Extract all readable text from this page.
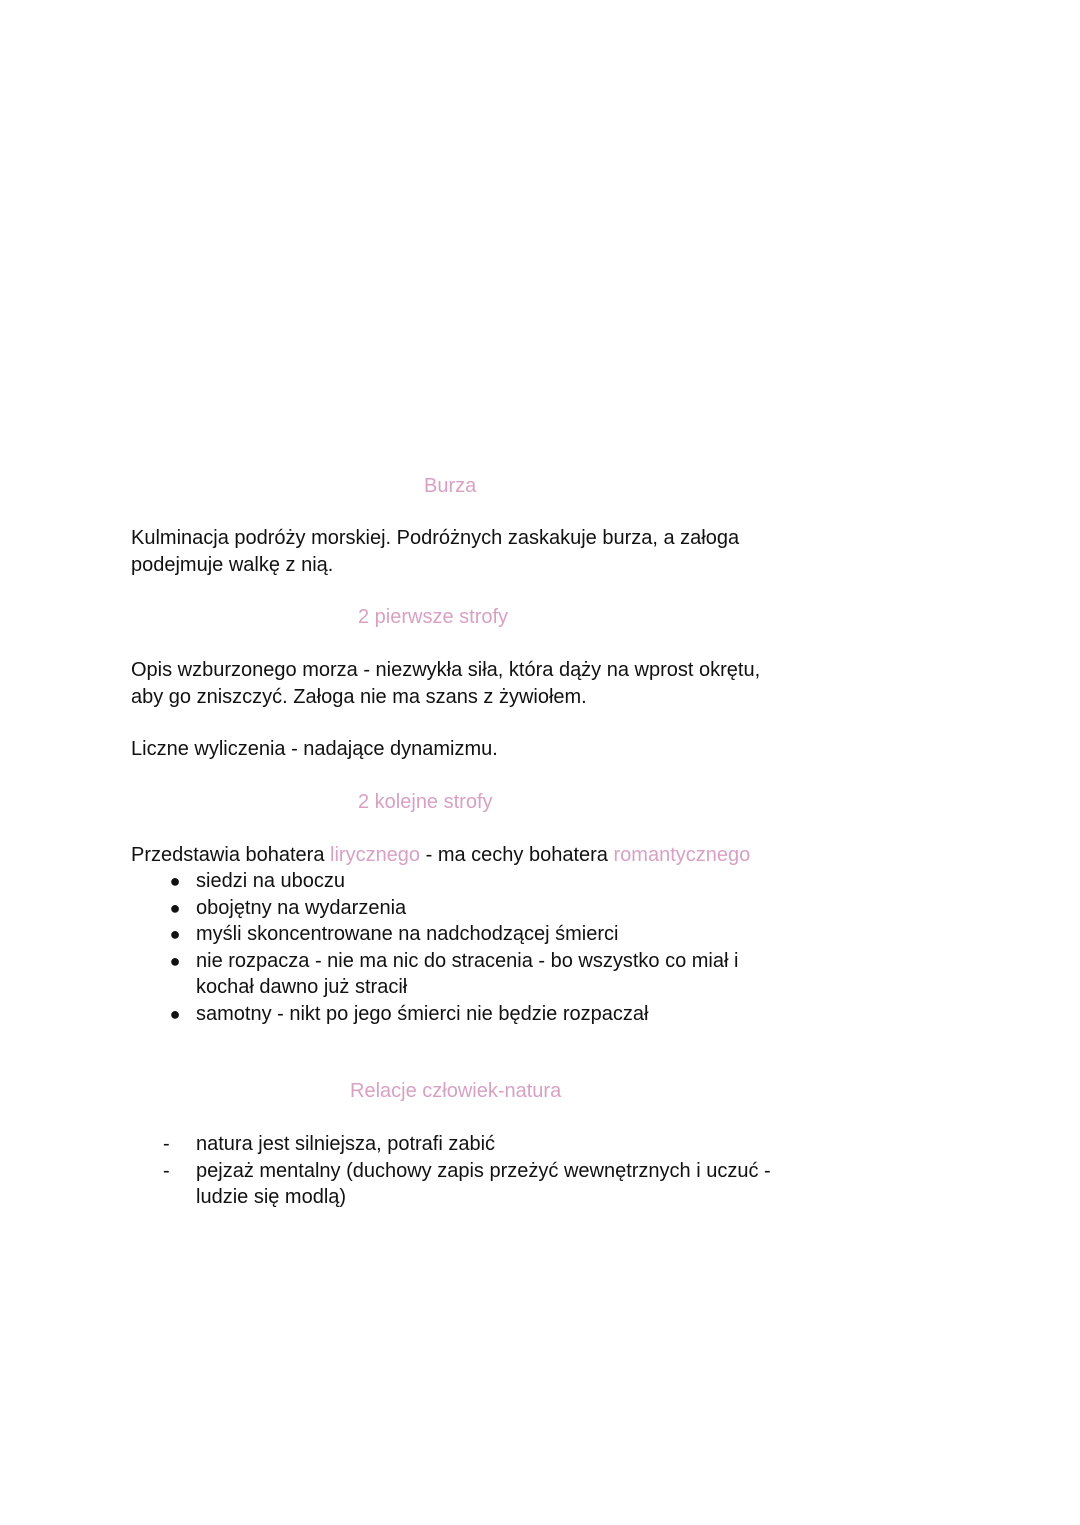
Burza
Kulminacja podróży morskiej. Podróżnych zaskakuje burza, a załoga podejmuje walkę z nią.
2 pierwsze strofy
Opis wzburzonego morza - niezwykła siła, która dąży na wprost okrętu, aby go zniszczyć. Załoga nie ma szans z żywiołem.
Liczne wyliczenia - nadające dynamizmu.
2 kolejne strofy
Przedstawia bohatera lirycznego - ma cechy bohatera romantycznego
● siedzi na uboczu
● obojętny na wydarzenia
● myśli skoncentrowane na nadchodzącej śmierci
● nie rozpacza - nie ma nic do stracenia - bo wszystko co miał i kochał dawno już stracił
● samotny - nikt po jego śmierci nie będzie rozpaczał
Relacje człowiek-natura
- natura jest silniejsza, potrafi zabić
- pejzaż mentalny (duchowy zapis przeżyć wewnętrznych i uczuć - ludzie się modlą)
